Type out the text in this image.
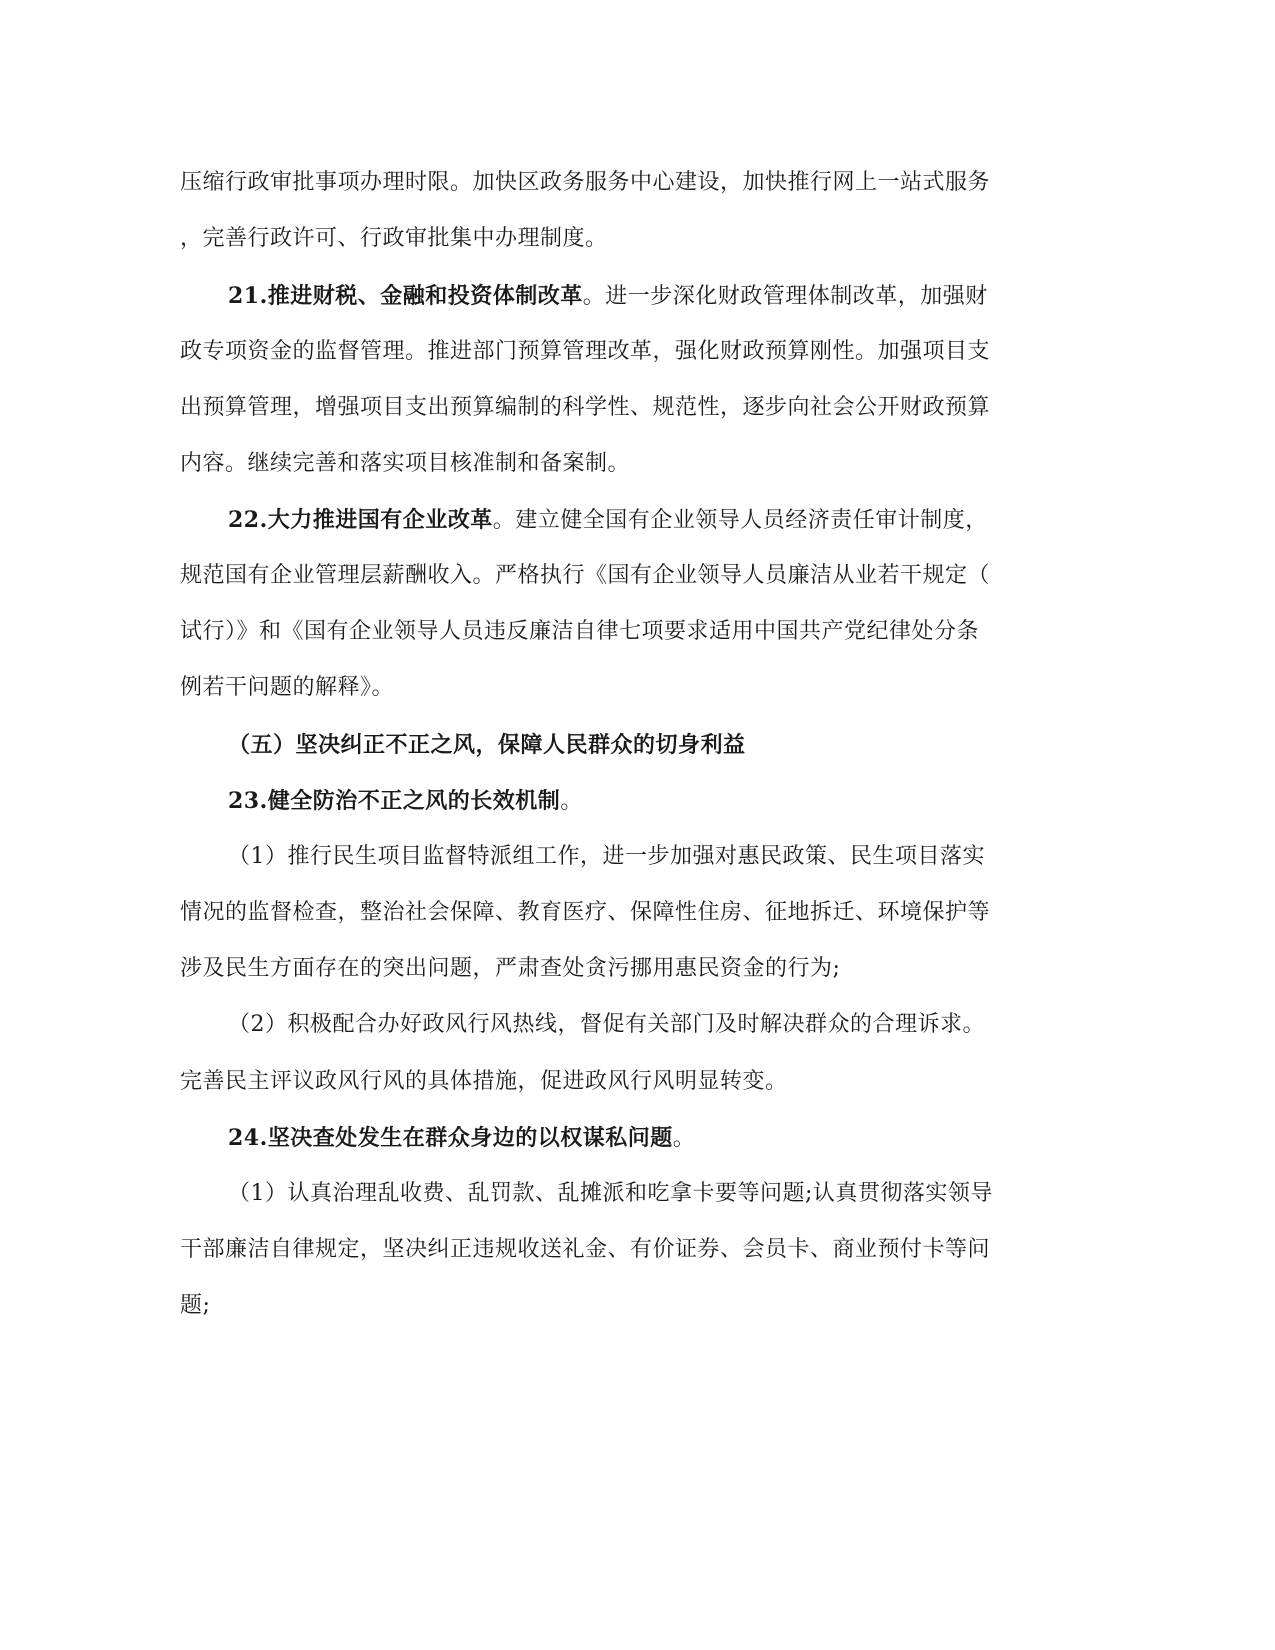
压缩行政审批事项办理时限。加快区政务服务中心建设，加快推行网上一站式服务
，完善行政许可、行政审批集中办理制度。
21.推进财税、金融和投资体制改革。进一步深化财政管理体制改革，加强财
政专项资金的监督管理。推进部门预算管理改革，强化财政预算刚性。加强项目支
出预算管理，增强项目支出预算编制的科学性、规范性，逐步向社会公开财政预算
内容。继续完善和落实项目核准制和备案制。
22.大力推进国有企业改革。建立健全国有企业领导人员经济责任审计制度，
规范国有企业管理层薪酬收入。严格执行《国有企业领导人员廉洁从业若干规定（
试行）》和《国有企业领导人员违反廉洁自律七项要求适用中国共产党纪律处分条
例若干问题的解释》。
（五）坚决纠正不正之风，保障人民群众的切身利益
23.健全防治不正之风的长效机制。
（1）推行民生项目监督特派组工作，进一步加强对惠民政策、民生项目落实
情况的监督检查，整治社会保障、教育医疗、保障性住房、征地拆迁、环境保护等
涉及民生方面存在的突出问题，严肃查处贪污挪用惠民资金的行为;
（2）积极配合办好政风行风热线，督促有关部门及时解决群众的合理诉求。
完善民主评议政风行风的具体措施，促进政风行风明显转变。
24.坚决查处发生在群众身边的以权谋私问题。
（1）认真治理乱收费、乱罚款、乱摊派和吃拿卡要等问题;认真贯彻落实领导
干部廉洁自律规定，坚决纠正违规收送礼金、有价证券、会员卡、商业预付卡等问
题;
